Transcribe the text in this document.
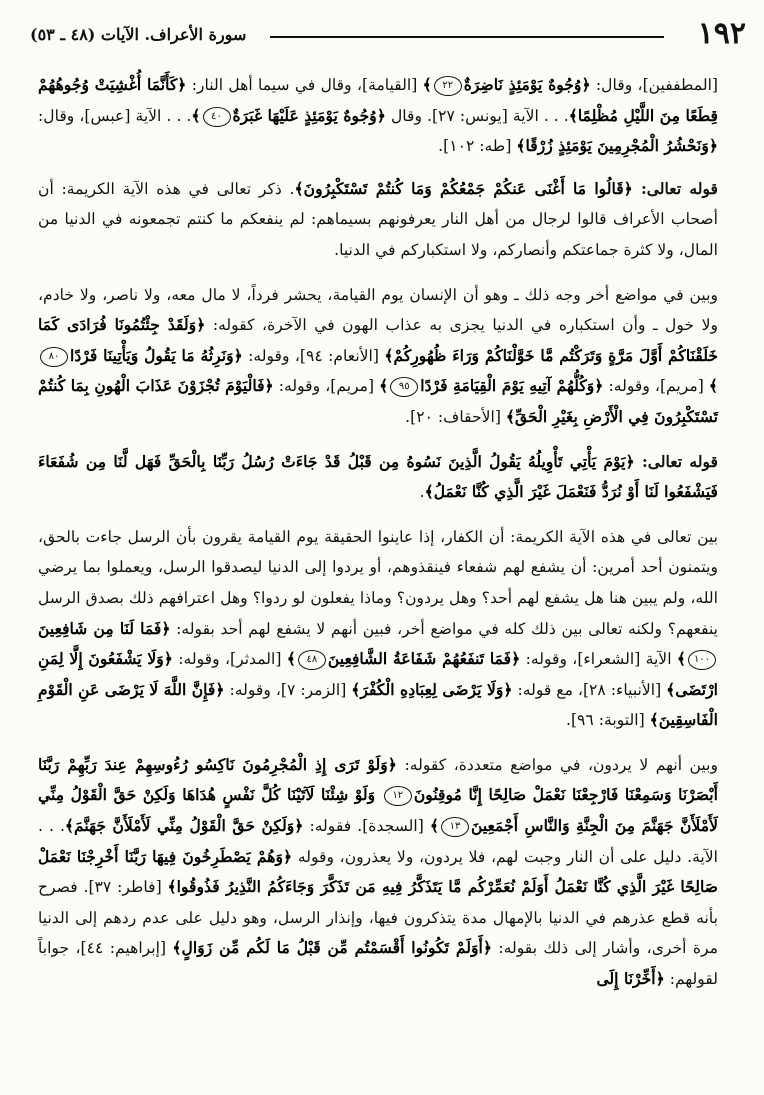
١٩٢
سورة الأعراف. الآيات (٤٨ ـ ٥٣)

[المطففين]، وقال: ﴿وُجُوهٌ يَوْمَئِذٍ نَاضِرَةٌ٢٢﴾ [القيامة]، وقال في سيما أهل النار: ﴿كَأَنَّمَا أُغْشِيَتْ وُجُوهُهُمْ قِطَعًا مِنَ اللَّيْلِ مُظْلِمًا﴾. . . الآية [يونس: ٢٧]. وقال ﴿وُجُوهٌ يَوْمَئِذٍ عَلَيْهَا غَبَرَةٌ٤٠﴾. . . الآية [عبس]، وقال: ﴿وَنَحْشُرُ الْمُجْرِمِينَ يَوْمَئِذٍ زُرْقًا﴾ [طه: ١٠٢].

قوله تعالى: ﴿قَالُوا مَا أَغْنَى عَنكُمْ جَمْعُكُمْ وَمَا كُنتُمْ تَسْتَكْبِرُونَ﴾. ذكر تعالى في هذه الآية الكريمة: أن أصحاب الأعراف قالوا لرجال من أهل النار يعرفونهم بسيماهم: لم ينفعكم ما كنتم تجمعونه في الدنيا من المال، ولا كثرة جماعتكم وأنصاركم، ولا استكباركم في الدنيا.

وبين في مواضع أخر وجه ذلك ـ وهو أن الإنسان يوم القيامة، يحشر فرداً، لا مال معه، ولا ناصر، ولا خادم، ولا خول ـ وأن استكباره في الدنيا يجزى به عذاب الهون في الآخرة، كقوله: ﴿وَلَقَدْ جِئْتُمُونَا فُرَادَى كَمَا خَلَقْنَاكُمْ أَوَّلَ مَرَّةٍ وَتَرَكْتُم مَّا خَوَّلْنَاكُمْ وَرَاءَ ظُهُورِكُمْ﴾ [الأنعام: ٩٤]، وقوله: ﴿وَنَرِثُهُ مَا يَقُولُ وَيَأْتِينَا فَرْدًا٨٠﴾ [مريم]، وقوله: ﴿وَكُلُّهُمْ آتِيهِ يَوْمَ الْقِيَامَةِ فَرْدًا٩٥﴾ [مريم]، وقوله: ﴿فَالْيَوْمَ تُجْزَوْنَ عَذَابَ الْهُونِ بِمَا كُنتُمْ تَسْتَكْبِرُونَ فِي الْأَرْضِ بِغَيْرِ الْحَقِّ﴾ [الأحقاف: ٢٠].

قوله تعالى: ﴿يَوْمَ يَأْتِي تَأْوِيلُهُ يَقُولُ الَّذِينَ نَسُوهُ مِن قَبْلُ قَدْ جَاءَتْ رُسُلُ رَبِّنَا بِالْحَقِّ فَهَل لَّنَا مِن شُفَعَاءَ فَيَشْفَعُوا لَنَا أَوْ نُرَدُّ فَنَعْمَلَ غَيْرَ الَّذِي كُنَّا نَعْمَلُ﴾.

بين تعالى في هذه الآية الكريمة: أن الكفار، إذا عاينوا الحقيقة يوم القيامة يقرون بأن الرسل جاءت بالحق، ويتمنون أحد أمرين: أن يشفع لهم شفعاء فينقذوهم، أو يردوا إلى الدنيا ليصدقوا الرسل، ويعملوا بما يرضي الله، ولم يبين هنا هل يشفع لهم أحد؟ وهل يردون؟ وماذا يفعلون لو ردوا؟ وهل اعترافهم ذلك بصدق الرسل ينفعهم؟ ولكنه تعالى بين ذلك كله في مواضع أخر، فبين أنهم لا يشفع لهم أحد بقوله: ﴿فَمَا لَنَا مِن شَافِعِينَ١٠٠﴾ الآية [الشعراء]، وقوله: ﴿فَمَا تَنفَعُهُمْ شَفَاعَةُ الشَّافِعِينَ٤٨﴾ [المدثر]، وقوله: ﴿وَلَا يَشْفَعُونَ إِلَّا لِمَنِ ارْتَضَى﴾ [الأنبياء: ٢٨]، مع قوله: ﴿وَلَا يَرْضَى لِعِبَادِهِ الْكُفْرَ﴾ [الزمر: ٧]، وقوله: ﴿فَإِنَّ اللَّهَ لَا يَرْضَى عَنِ الْقَوْمِ الْفَاسِقِينَ﴾ [التوبة: ٩٦].

وبين أنهم لا يردون، في مواضع متعددة، كقوله: ﴿وَلَوْ تَرَى إِذِ الْمُجْرِمُونَ نَاكِسُو رُءُوسِهِمْ عِندَ رَبِّهِمْ رَبَّنَا أَبْصَرْنَا وَسَمِعْنَا فَارْجِعْنَا نَعْمَلْ صَالِحًا إِنَّا مُوقِنُونَ١٢ وَلَوْ شِئْنَا لَآتَيْنَا كُلَّ نَفْسٍ هُدَاهَا وَلَكِنْ حَقَّ الْقَوْلُ مِنِّي لَأَمْلَأَنَّ جَهَنَّمَ مِنَ الْجِنَّةِ وَالنَّاسِ أَجْمَعِينَ١٣﴾ [السجدة]. فقوله: ﴿وَلَكِنْ حَقَّ الْقَوْلُ مِنِّي لَأَمْلَأَنَّ جَهَنَّمَ﴾. . . الآية. دليل على أن النار وجبت لهم، فلا يردون، ولا يعذرون، وقوله ﴿وَهُمْ يَصْطَرِخُونَ فِيهَا رَبَّنَا أَخْرِجْنَا نَعْمَلْ صَالِحًا غَيْرَ الَّذِي كُنَّا نَعْمَلُ أَوَلَمْ نُعَمِّرْكُم مَّا يَتَذَكَّرُ فِيهِ مَن تَذَكَّرَ وَجَاءَكُمُ النَّذِيرُ فَذُوقُوا﴾ [فاطر: ٣٧]. فصرح بأنه قطع عذرهم في الدنيا بالإمهال مدة يتذكرون فيها، وإنذار الرسل، وهو دليل على عدم ردهم إلى الدنيا مرة أخرى، وأشار إلى ذلك بقوله: ﴿أَوَلَمْ تَكُونُوا أَقْسَمْتُم مِّن قَبْلُ مَا لَكُم مِّن زَوَالٍ﴾ [إبراهيم: ٤٤]، جواباً لقولهم: ﴿أَخِّرْنَا إِلَى
